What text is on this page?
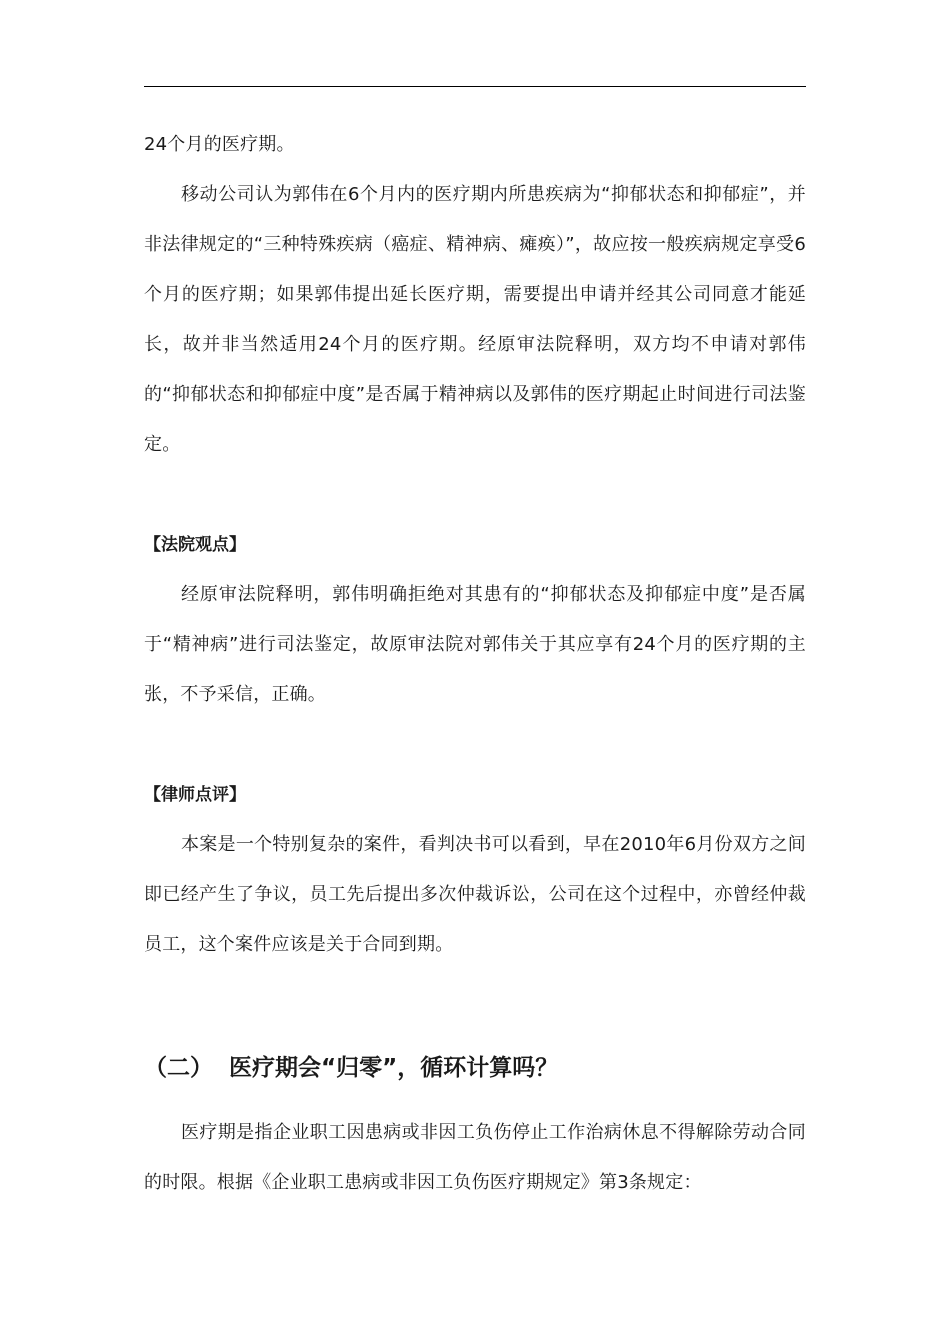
24个月的医疗期。

移动公司认为郭伟在6个月内的医疗期内所患疾病为“抑郁状态和抑郁症”，并非法律规定的“三种特殊疾病（癌症、精神病、瘫痪）”，故应按一般疾病规定享受6个月的医疗期；如果郭伟提出延长医疗期，需要提出申请并经其公司同意才能延长，故并非当然适用24个月的医疗期。经原审法院释明，双方均不申请对郭伟的“抑郁状态和抑郁症中度”是否属于精神病以及郭伟的医疗期起止时间进行司法鉴定。

【法院观点】

经原审法院释明，郭伟明确拒绝对其患有的“抑郁状态及抑郁症中度”是否属于“精神病”进行司法鉴定，故原审法院对郭伟关于其应享有24个月的医疗期的主张，不予采信，正确。

【律师点评】

本案是一个特别复杂的案件，看判决书可以看到，早在2010年6月份双方之间即已经产生了争议，员工先后提出多次仲裁诉讼，公司在这个过程中，亦曾经仲裁员工，这个案件应该是关于合同到期。

（二）  医疗期会“归零”，循环计算吗？

医疗期是指企业职工因患病或非因工负伤停止工作治病休息不得解除劳动合同的时限。根据《企业职工患病或非因工负伤医疗期规定》第3条规定：
